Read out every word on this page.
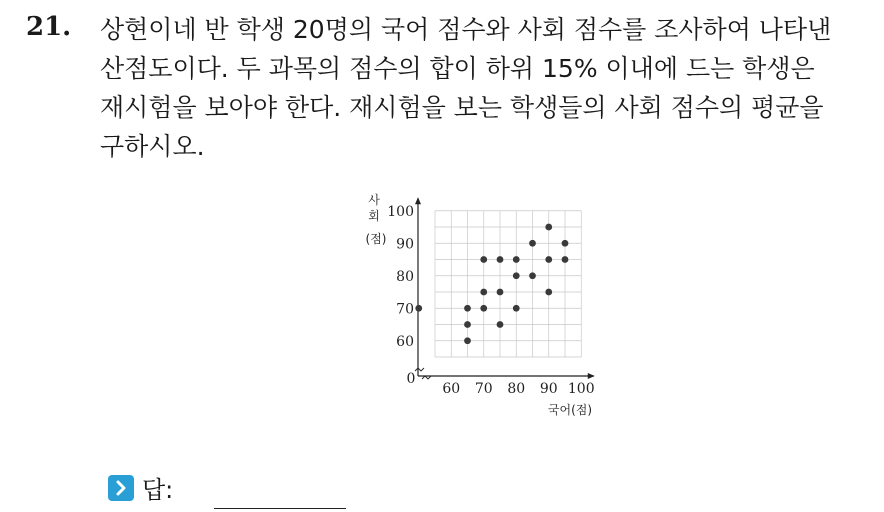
21. 상현이네 반 학생 20명의 국어 점수와 사회 점수를 조사하여 나타낸
산점도이다. 두 과목의 점수의 합이 하위 15% 이내에 드는 학생은
재시험을 보아야 한다. 재시험을 보는 학생들의 사회 점수의 평균을
구하시오.
60
70
80
90
100
60 70 80 90 100
0
사
회
(점)
국어(점)
답:
